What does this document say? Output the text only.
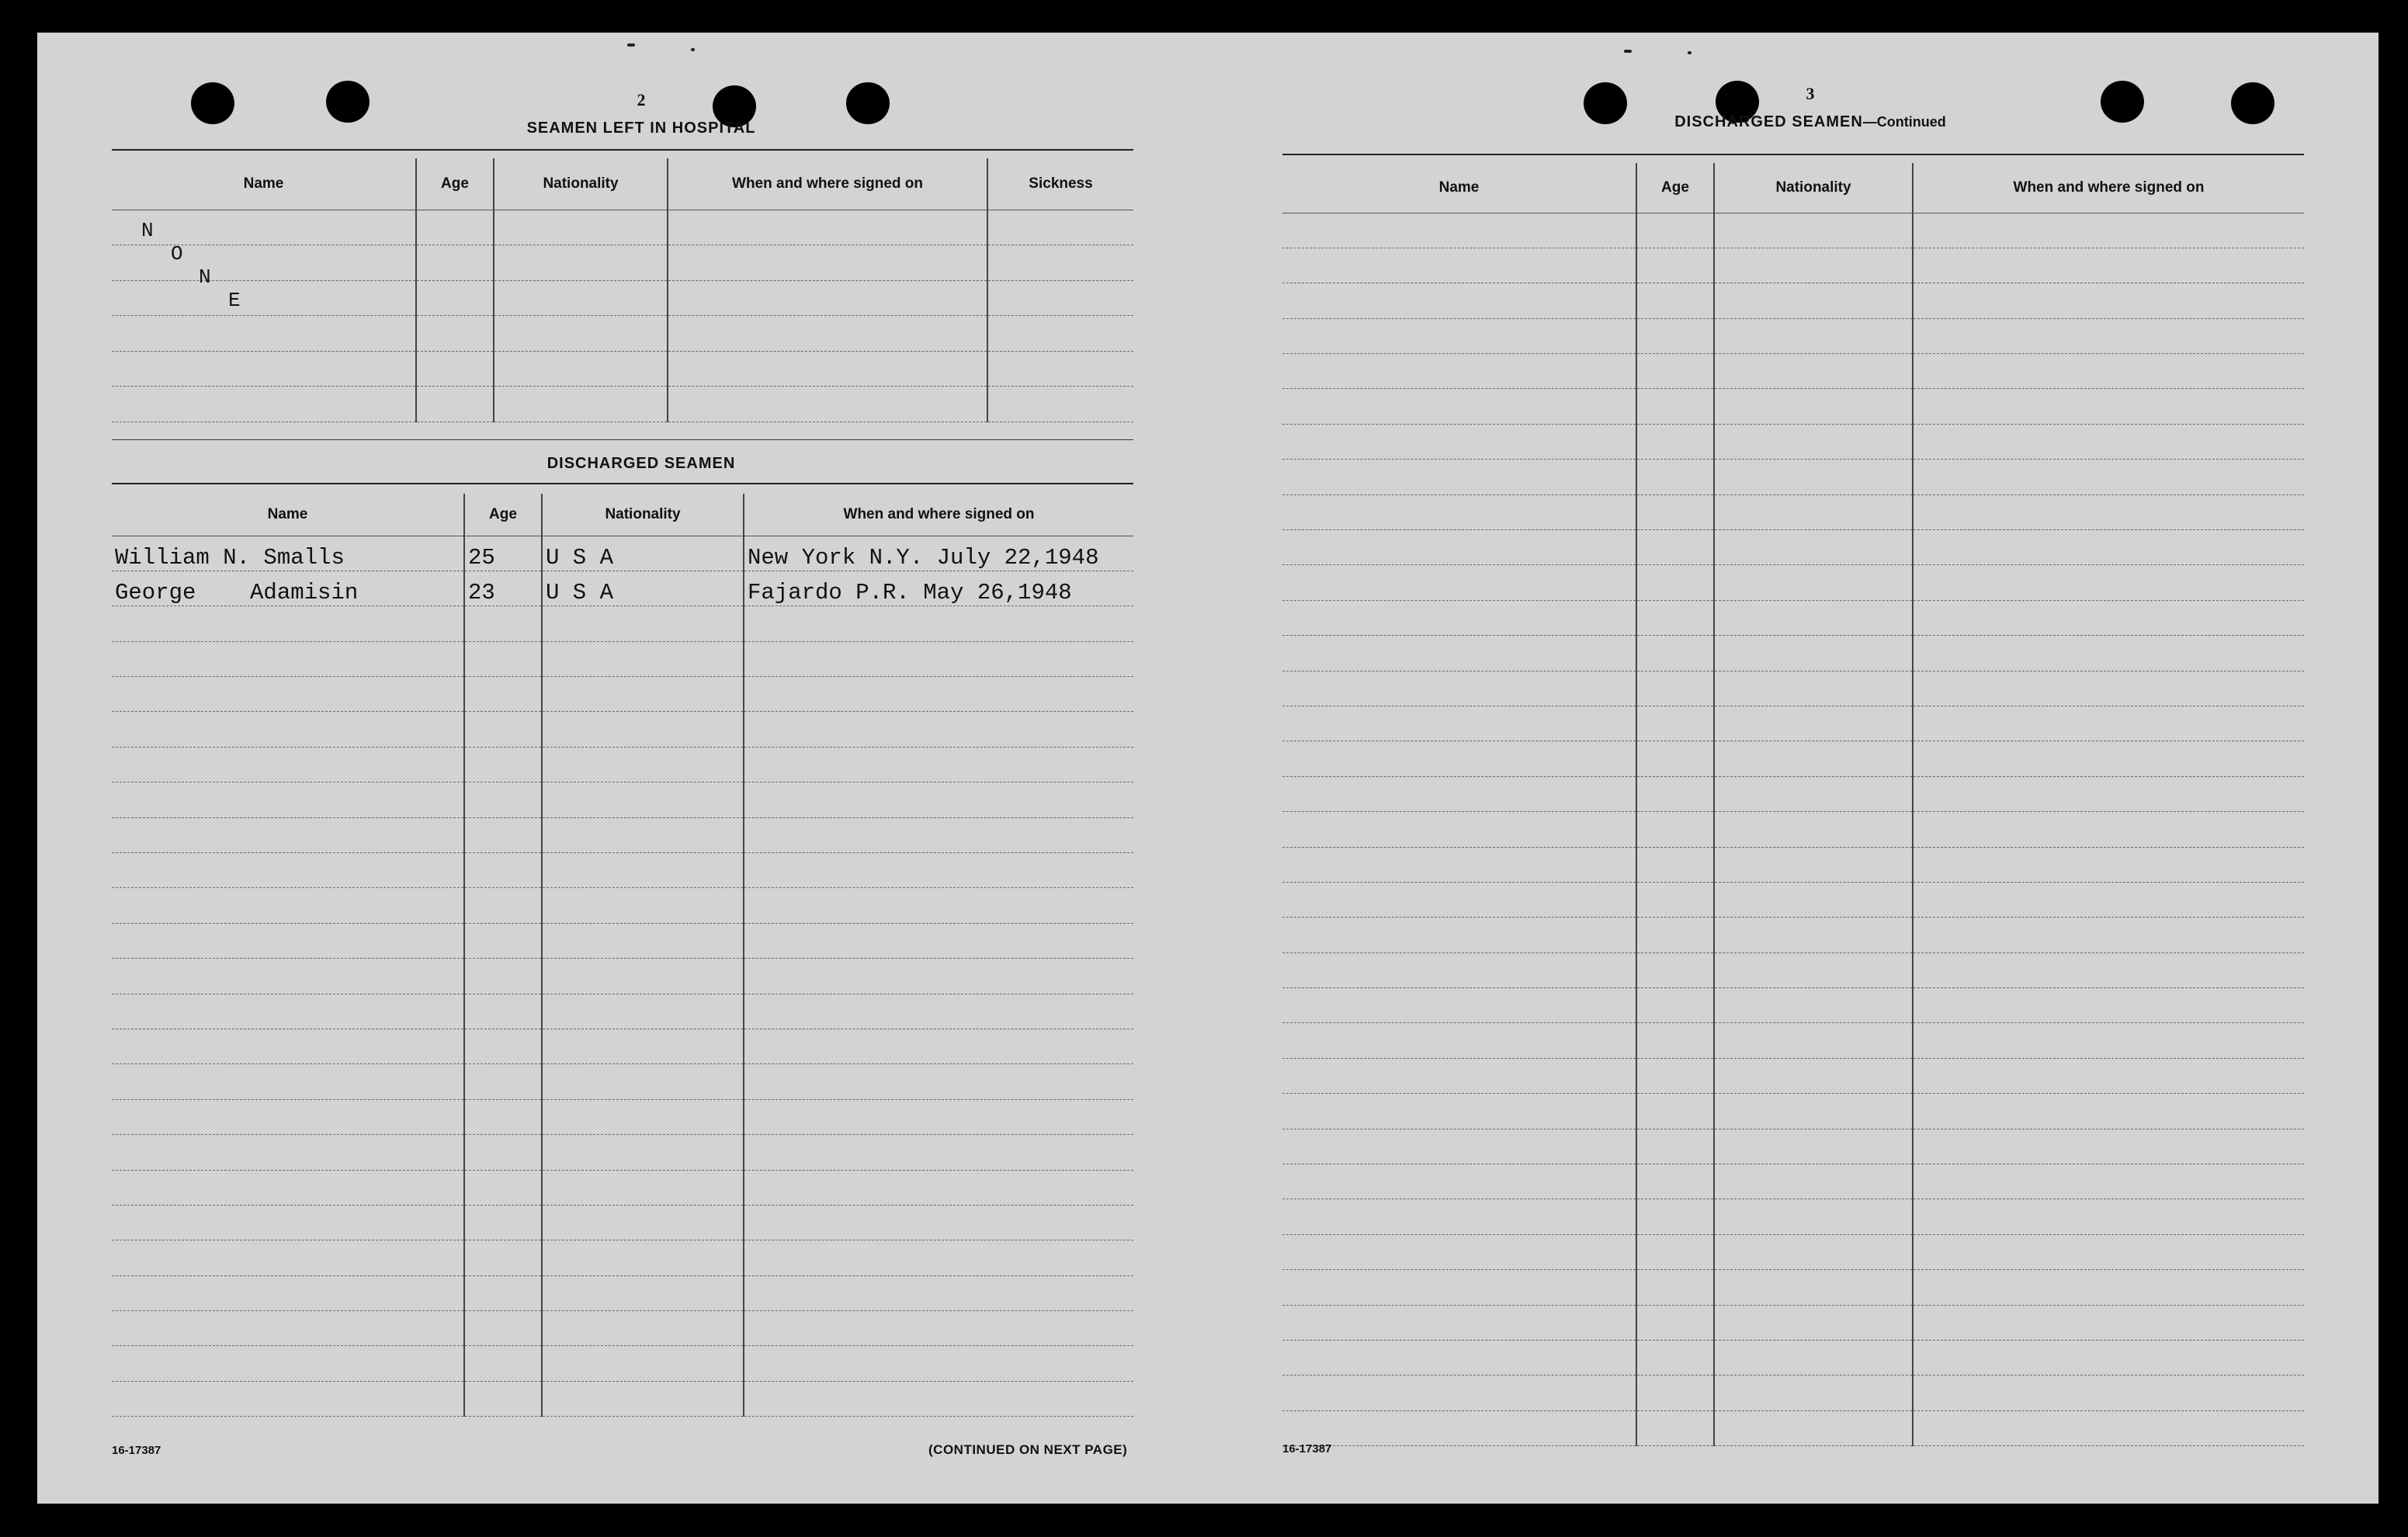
2
SEAMEN LEFT IN HOSPITAL
Name	Age	Nationality	When and where signed on	Sickness

N
O
N
E
DISCHARGED SEAMEN
Name	Age	Nationality	When and where signed on
William N. Smalls	25	U S A	New York N.Y. July 22,1948
George    Adamisin	23	U S A	Fajardo P.R. May 26,1948

16-17387	(CONTINUED ON NEXT PAGE)
3
DISCHARGED SEAMEN—Continued
Name	Age	Nationality	When and where signed on

16-17387
